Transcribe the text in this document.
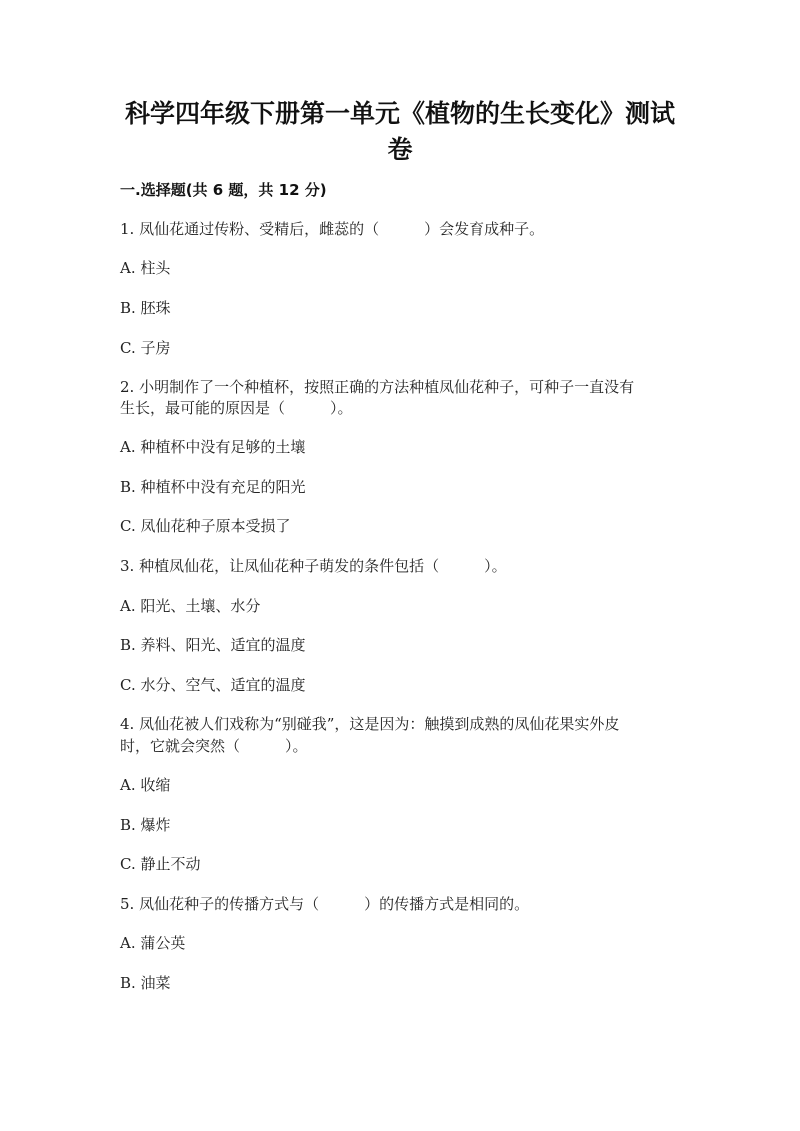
科学四年级下册第一单元《植物的生长变化》测试
卷
一.选择题(共 6 题，共 12 分)
1. 凤仙花通过传粉、受精后，雌蕊的（　　　）会发育成种子。
A. 柱头
B. 胚珠
C. 子房
2. 小明制作了一个种植杯，按照正确的方法种植凤仙花种子，可种子一直没有
生长，最可能的原因是（　　　）。
A. 种植杯中没有足够的土壤
B. 种植杯中没有充足的阳光
C. 凤仙花种子原本受损了
3. 种植凤仙花，让凤仙花种子萌发的条件包括（　　　）。
A. 阳光、土壤、水分
B. 养料、阳光、适宜的温度
C. 水分、空气、适宜的温度
4. 凤仙花被人们戏称为“别碰我”，这是因为：触摸到成熟的凤仙花果实外皮
时，它就会突然（　　　）。
A. 收缩
B. 爆炸
C. 静止不动
5. 凤仙花种子的传播方式与（　　　）的传播方式是相同的。
A. 蒲公英
B. 油菜
